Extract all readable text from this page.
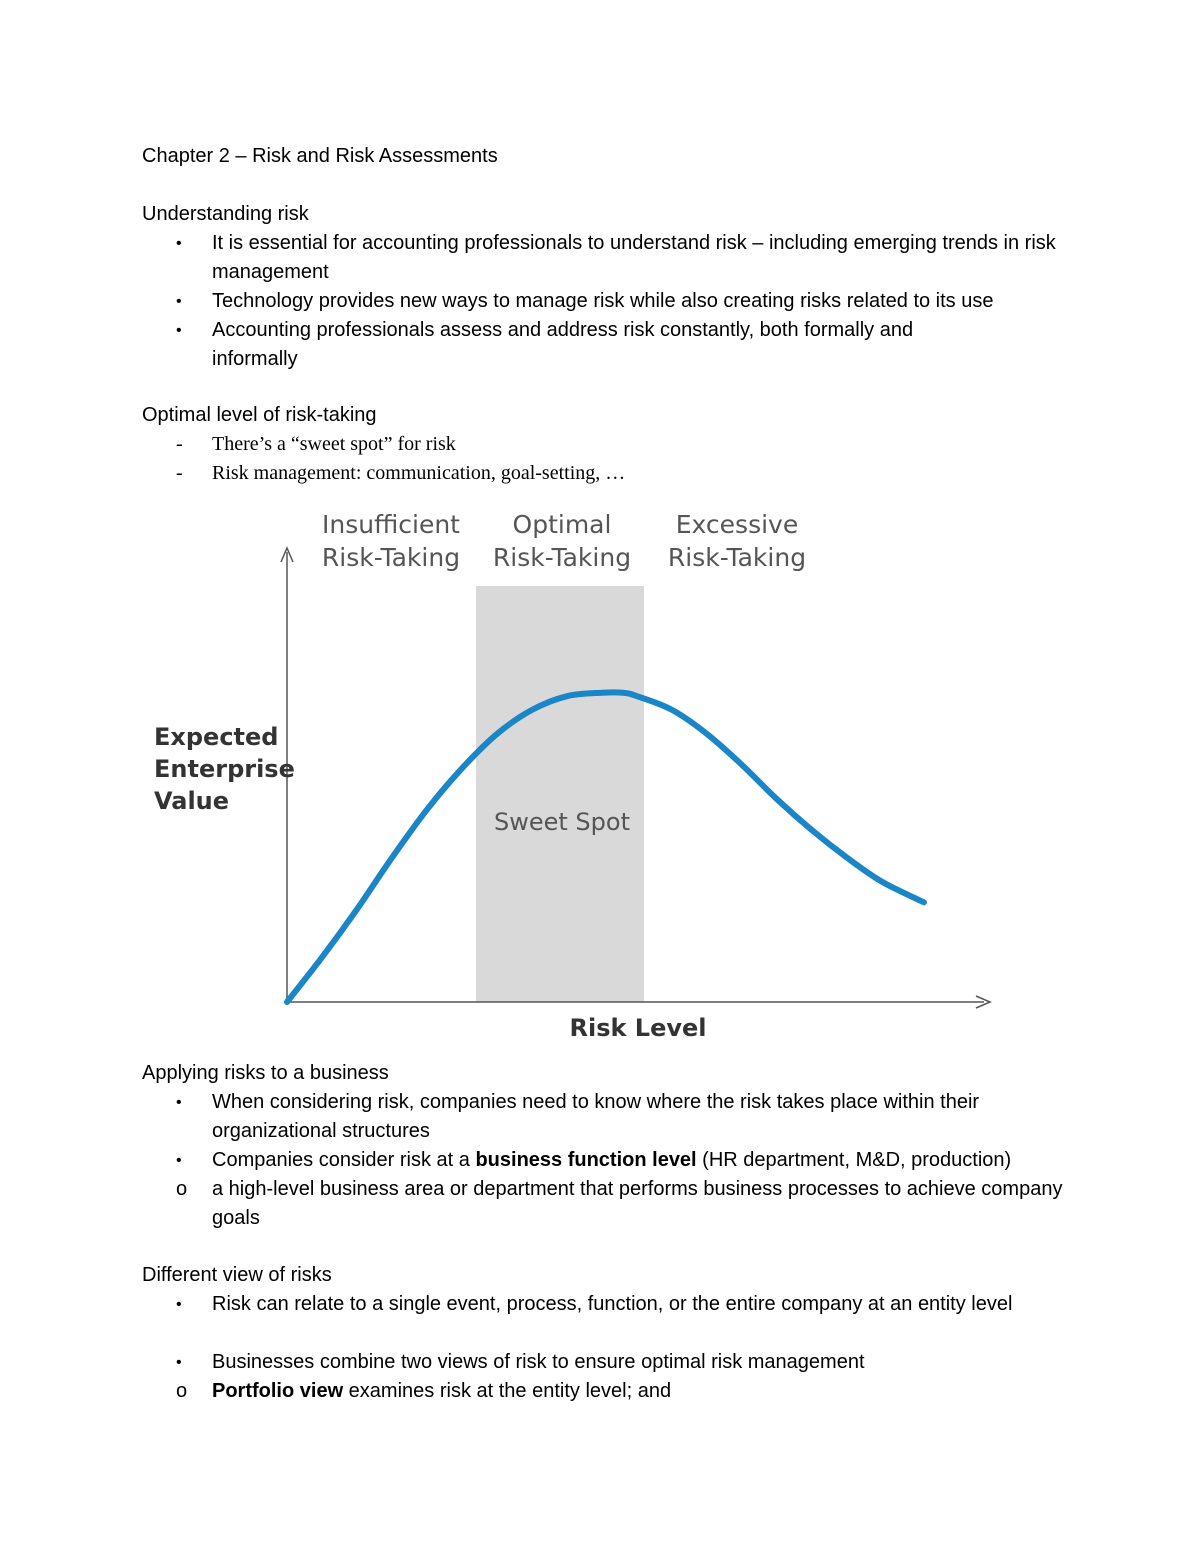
Chapter 2 – Risk and Risk Assessments
Understanding risk
• It is essential for accounting professionals to understand risk – including emerging trends in risk management
• Technology provides new ways to manage risk while also creating risks related to its use
• Accounting professionals assess and address risk constantly, both formally and informally
Optimal level of risk-taking
- There’s a “sweet spot” for risk
- Risk management: communication, goal-setting, …
Insufficient
Risk-Taking
Optimal
Risk-Taking
Excessive
Risk-Taking
Sweet Spot
Expected
Enterprise
Value
Risk Level
Applying risks to a business
• When considering risk, companies need to know where the risk takes place within their organizational structures
• Companies consider risk at a business function level (HR department, M&D, production)
o a high-level business area or department that performs business processes to achieve company goals
Different view of risks
• Risk can relate to a single event, process, function, or the entire company at an entity level
• Businesses combine two views of risk to ensure optimal risk management
o Portfolio view examines risk at the entity level; and
